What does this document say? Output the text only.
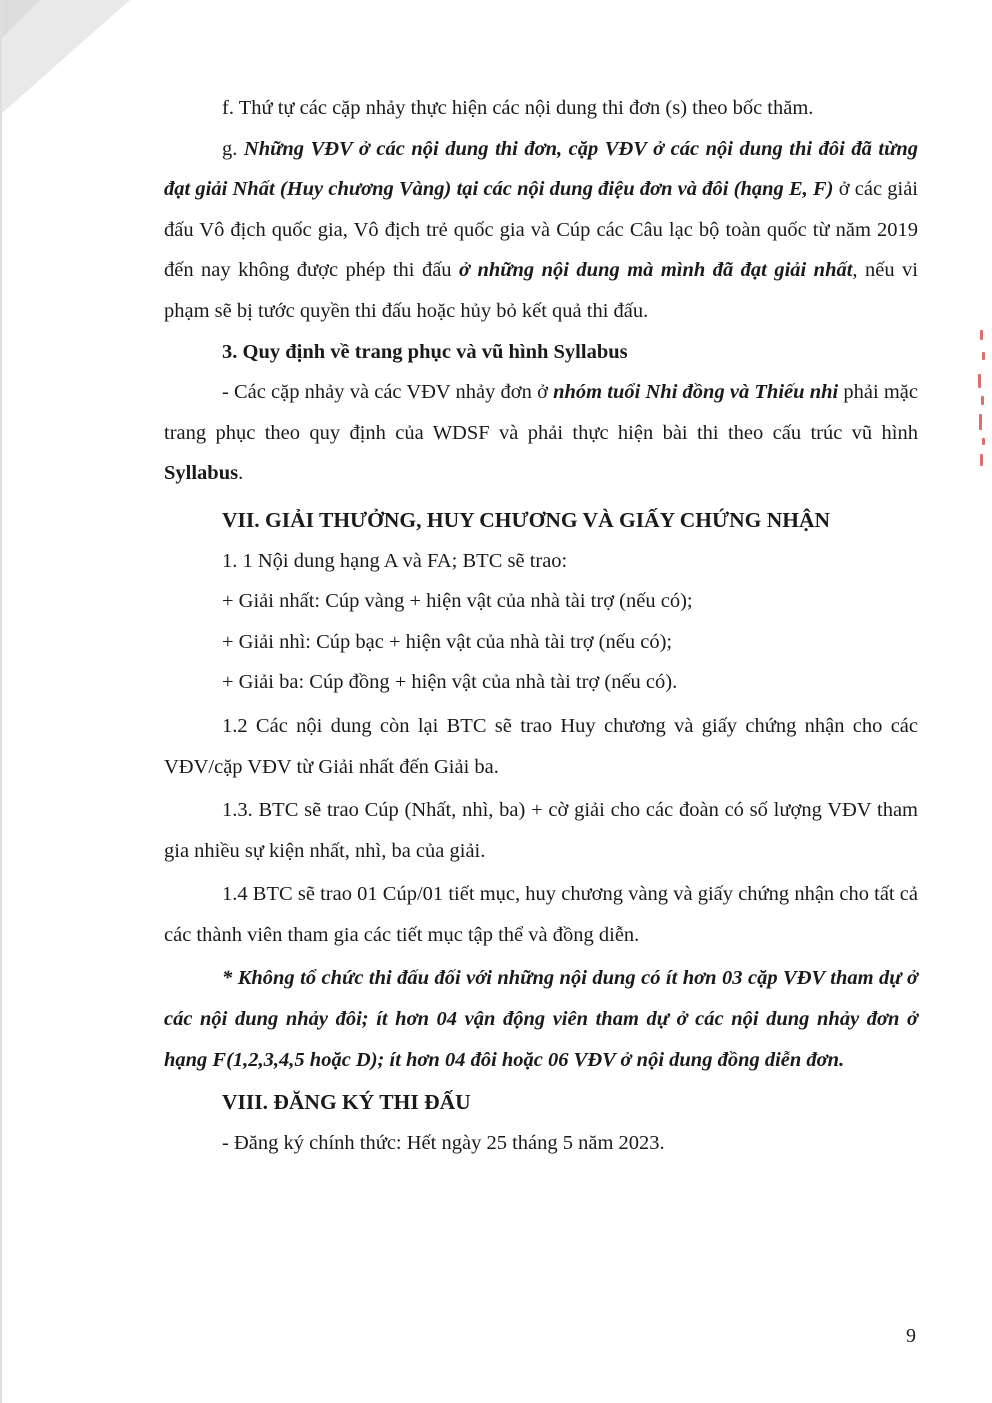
f. Thứ tự các cặp nhảy thực hiện các nội dung thi đơn (s) theo bốc thăm.

g. Những VĐV ở các nội dung thi đơn, cặp VĐV ở các nội dung thi đôi đã từng đạt giải Nhất (Huy chương Vàng) tại các nội dung điệu đơn và đôi (hạng E, F) ở các giải đấu Vô địch quốc gia, Vô địch trẻ quốc gia và Cúp các Câu lạc bộ toàn quốc từ năm 2019 đến nay không được phép thi đấu ở những nội dung mà mình đã đạt giải nhất, nếu vi phạm sẽ bị tước quyền thi đấu hoặc hủy bỏ kết quả thi đấu.

3. Quy định về trang phục và vũ hình Syllabus

- Các cặp nhảy và các VĐV nhảy đơn ở nhóm tuổi Nhi đồng và Thiếu nhi phải mặc trang phục theo quy định của WDSF và phải thực hiện bài thi theo cấu trúc vũ hình Syllabus.

VII. GIẢI THƯỞNG, HUY CHƯƠNG VÀ GIẤY CHỨNG NHẬN

1. 1 Nội dung hạng A và FA; BTC sẽ trao:

+ Giải nhất: Cúp vàng + hiện vật của nhà tài trợ (nếu có);

+ Giải nhì: Cúp bạc + hiện vật của nhà tài trợ (nếu có);

+ Giải ba: Cúp đồng + hiện vật của nhà tài trợ (nếu có).

1.2 Các nội dung còn lại BTC sẽ trao Huy chương và giấy chứng nhận cho các VĐV/cặp VĐV từ Giải nhất đến Giải ba.

1.3. BTC sẽ trao Cúp (Nhất, nhì, ba) + cờ giải cho các đoàn có số lượng VĐV tham gia nhiều sự kiện nhất, nhì, ba của giải.

1.4 BTC sẽ trao 01 Cúp/01 tiết mục, huy chương vàng và giấy chứng nhận cho tất cả các thành viên tham gia các tiết mục tập thể và đồng diễn.

* Không tổ chức thi đấu đối với những nội dung có ít hơn 03 cặp VĐV tham dự ở các nội dung nhảy đôi; ít hơn 04 vận động viên tham dự ở các nội dung nhảy đơn ở hạng F(1,2,3,4,5 hoặc D); ít hơn 04 đôi hoặc 06 VĐV ở nội dung đồng diễn đơn.

VIII. ĐĂNG KÝ THI ĐẤU

- Đăng ký chính thức: Hết ngày 25 tháng 5 năm 2023.

9
